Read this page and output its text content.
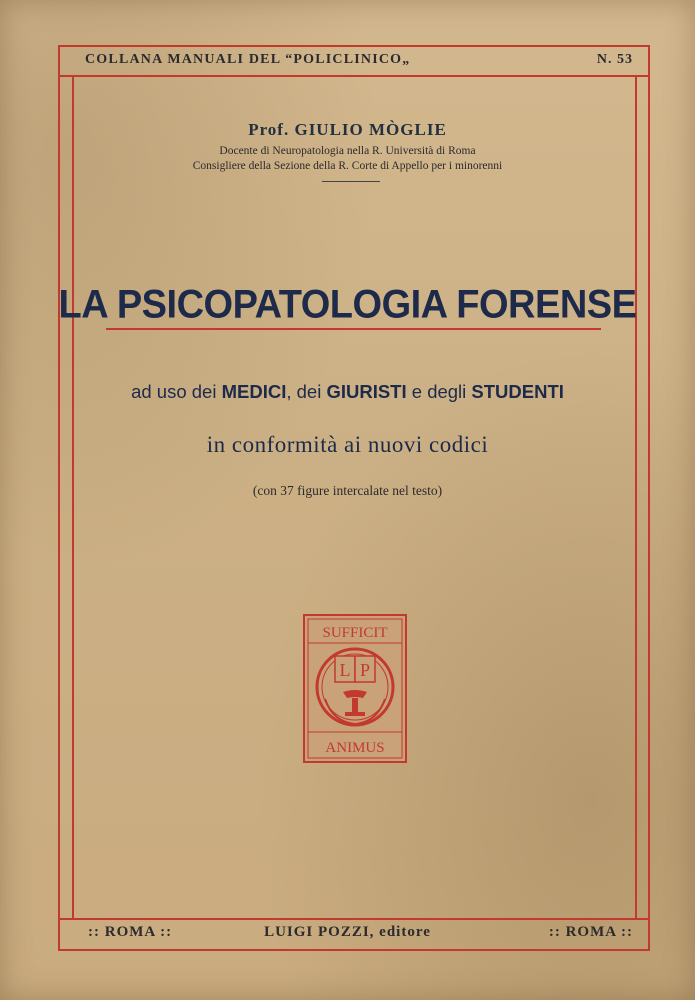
COLLANA MANUALI DEL “POLICLINICO„	N. 53
Prof. GIULIO MÒGLIE
Docente di Neuropatologia nella R. Università di Roma
Consigliere della Sezione della R. Corte di Appello per i minorenni
LA PSICOPATOLOGIA FORENSE
ad uso dei MEDICI, dei GIURISTI e degli STUDENTI
in conformità ai nuovi codici
(con 37 figure intercalate nel testo)
SUFFICIT
L P
ANIMUS
:: ROMA ::	LUIGI POZZI, editore	:: ROMA ::
